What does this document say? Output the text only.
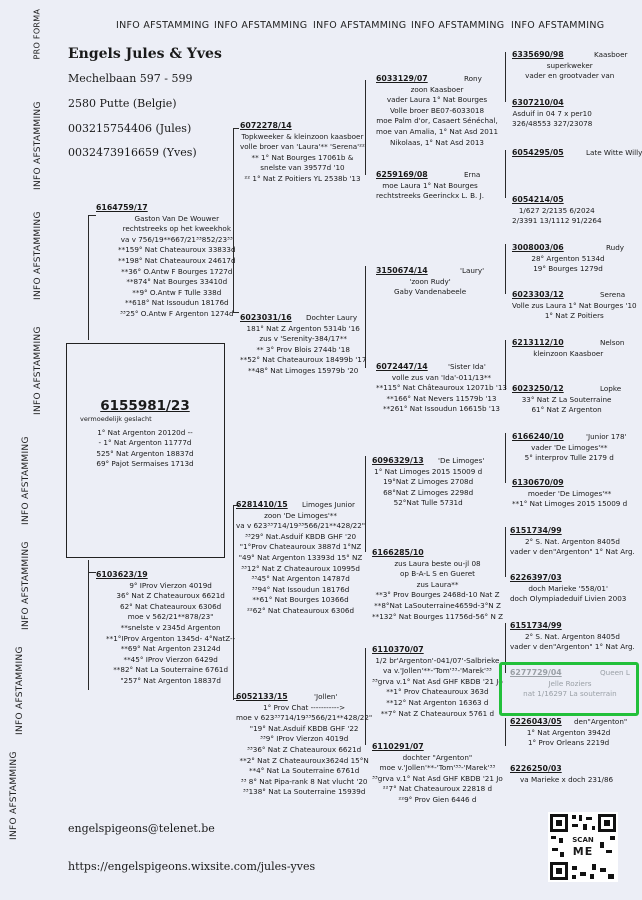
PRO FORMA	INFO AFSTAMMING INFO AFSTAMMING INFO AFSTAMMING INFO AFSTAMMING INFO AFSTAMMING
INFO AFSTAMMING
INFO AFSTAMMING
INFO AFSTAMMING
INFO AFSTAMMING
INFO AFSTAMMING
INFO AFSTAMMING
INFO AFSTAMMING
Engels Jules & Yves
Mechelbaan 597 - 599
2580 Putte (Belgie)
003215754406 (Jules)
0032473916659 (Yves)
engelspigeons@telenet.be
https://engelspigeons.wixsite.com/jules-yves
6155981/23
vermoedelijk geslacht
1° Nat Argenton 20120d --
- 1° Nat Argenton 11777d
525° Nat Argenton 18837d
69° Pajot Sermaises 1713d
6164759/17
Gaston Van De Wouwer
rechtstreeks op het kweekhok
va v 756/19**667/21³³852/23³³
**159° Nat Chateauroux 33833d
**198° Nat Chateauroux 24617d
**36° O.Antw F Bourges 1727d
**874° Nat Bourges 33410d
**9° O.Antw F Tulle 338d
**618° Nat Issoudun 18176d
³³25° O.Antw F Argenton 1274d
6103623/19
9° IProv Vierzon 4019d
36° Nat Z Chateauroux 6621d
62° Nat Chateauroux 6306d
moe v 562/21**878/23"
**snelste v 2345d Argenton
**1°IProv Argenton 1345d- 4°NatZ--
**69° Nat Argenton 23124d
**45° IProv Vierzon 6429d
**82° Nat La Souterraine 6761d
"257° Nat Argenton 18837d
6072278/14
Topkweeker & kleinzoon kaasboer
volle broer van 'Laura'** 'Serena'²²
** 1° Nat Bourges 17061b &
snelste van 39577d '10
²² 1° Nat Z Poitiers YL 2538b '13
6023031/16 Dochter Laury
181° Nat Z Argenton 5314b '16
zus v 'Serenity-384/17**
** 3° Prov Blois 2744b '18
**52° Nat Chateauroux 18499b '17
**48° Nat Limoges 15979b '20
6281410/15 Limoges Junior
zoon 'De Limoges'**
va v 623³³714/19³³566/21**428/22"
³³29° Nat.Asduif KBDB GHF '20
"1°Prov Chateauroux 3887d 1°NZ
"49° Nat Argenton 13393d 15° NZ
³³12° Nat Z Chateauroux 10995d
³³45° Nat Argenton 14787d
³³94° Nat Issoudun 18176d
**61° Nat Bourges 10366d
²²62° Nat Chateauroux 6306d
6052133/15	'Jollen'
1° Prov Chat ----------->
moe v 623³³714/19³³566/21**428/22"
"19° Nat.Asduif KBDB GHF '22
³³9° IProv Vierzon 4019d
³³36° Nat Z Chateauroux 6621d
**2° Nat Z Chateauroux3624d 15°N
**4° Nat La Souterraine 6761d
³³ 8° Nat Pipa-rank 8 Nat vlucht '20
³³138° Nat La Souterraine 15939d
6033129/07	Rony
zoon Kaasboer
vader Laura 1° Nat Bourges
Volle broer BE07-6033018
moe Palm d'or, Casaert Sénéchal,
moe van Amalia, 1° Nat Asd 2011
Nikolaas, 1° Nat Asd 2013
6259169/08	Erna
moe Laura 1° Nat Bourges
rechtstreeks Geerinckx L. B. J.
3150674/14	'Laury'
'zoon Rudy'
Gaby Vandenabeele
6072447/14	'Sister Ida'
volle zus van 'Ida'-011/13**
**115° Nat Châteauroux 12071b '13
**166° Nat Nevers 11579b '13
**261° Nat Issoudun 16615b '13
6096329/13 'De Limoges'
1° Nat Limoges 2015 15009 d
19°Nat Z Limoges 2708d
68°Nat Z Limoges 2298d
52°Nat Tulle 5731d
6166285/10
zus Laura beste ou-jl 08
op B-A-L S en Gueret
zus Laura**
**3° Prov Bourges 2468d-10 Nat Z
**8°Nat LaSouterraine4659d-3°N Z
**132° Nat Bourges 11756d-56° N Z
6110370/07
1/2 br'Argenton'-041/07'-Salbrieke
va v.'Jollen'**-'Tom'³³-'Marek'³³
³³grva v.1° Nat Asd GHF KBDB '21 Jo
**1° Prov Chateauroux 363d
**12° Nat Argenton 16363 d
**7° Nat Z Chateauroux 5761 d
6110291/07
dochter "Argenton"
moe v.'Jollen'**-'Tom'³³-'Marek'³³
³³grva v.1° Nat Asd GHF KBDB '21 Jo
²²7° Nat Chateauroux 22818 d
²²9° Prov Gien 6446 d
6335690/98	Kaasboer
superkweker
vader en grootvader van
6307210/04
Asduif in 04 7 x per10
326/48553 327/23078
6054295/05	Late Witte Willy
6054214/05
1/627 2/2135 6/2024
2/3391 13/1112 91/2264
3008003/06	Rudy
28° Argenton 5134d
19° Bourges 1279d
6023303/12	Serena
Volle zus Laura 1° Nat Bourges '10
1° Nat Z Poitiers
6213112/10	Nelson
kleinzoon Kaasboer
6023250/12	Lopke
33° Nat Z La Souterraine
61° Nat Z Argenton
6166240/10	'Junior 178'
vader 'De Limoges'**
5° interprov Tulle 2179 d
6130670/09
moeder 'De Limoges'**
**1° Nat Limoges 2015 15009 d
6151734/99
2° S. Nat. Argenton 8405d
vader v den"Argenton" 1° Nat Arg.
6226397/03
doch Marieke '558/01'
doch Olympiadeduif Livien 2003
6151734/99
2° S. Nat. Argenton 8405d
vader v den"Argenton" 1° Nat Arg.
6277729/04	Queen L
Jelle Roziers
nat 1/16297 La souterrain
6226043/05 den"Argenton"
1° Nat Argenton 3942d
1° Prov Orleans 2219d
6226250/03
va Marieke x doch 231/86
SCAN
ME
